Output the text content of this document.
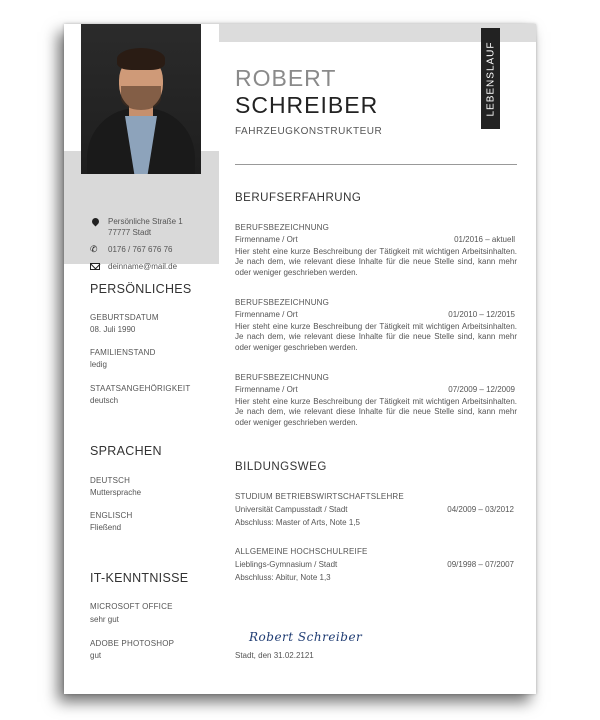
Persönliche Straße 1
77777 Stadt
✆	0176 / 767 676 76
deinname@mail.de
PERSÖNLICHES
GEBURTSDATUM
08. Juli 1990
FAMILIENSTAND
ledig
STAATSANGEHÖRIGKEIT
deutsch
SPRACHEN
DEUTSCH
Muttersprache
ENGLISCH
Fließend
IT-KENNTNISSE
MICROSOFT OFFICE
sehr gut
ADOBE PHOTOSHOP
gut
LEBENSLAUF
ROBERT
SCHREIBER
FAHRZEUGKONSTRUKTEUR
BERUFSERFAHRUNG
BERUFSBEZEICHNUNG
Firmenname / Ort	01/2016 – aktuell
Hier steht eine kurze Beschreibung der Tätigkeit mit wichtigen Arbeitsinhalten. Je nach dem, wie relevant diese Inhalte für die neue Stelle sind, kann mehr oder weniger geschrieben werden.
BERUFSBEZEICHNUNG
Firmenname / Ort	01/2010 – 12/2015
Hier steht eine kurze Beschreibung der Tätigkeit mit wichtigen Arbeitsinhalten. Je nach dem, wie relevant diese Inhalte für die neue Stelle sind, kann mehr oder weniger geschrieben werden.
BERUFSBEZEICHNUNG
Firmenname / Ort	07/2009 – 12/2009
Hier steht eine kurze Beschreibung der Tätigkeit mit wichtigen Arbeitsinhalten. Je nach dem, wie relevant diese Inhalte für die neue Stelle sind, kann mehr oder weniger geschrieben werden.
BILDUNGSWEG
STUDIUM BETRIEBSWIRTSCHAFTSLEHRE
Universität Campusstadt / Stadt	04/2009 – 03/2012
Abschluss: Master of Arts, Note 1,5
ALLGEMEINE HOCHSCHULREIFE
Lieblings-Gymnasium / Stadt	09/1998 – 07/2007
Abschluss: Abitur, Note 1,3
Robert Schreiber
Stadt, den 31.02.2121
